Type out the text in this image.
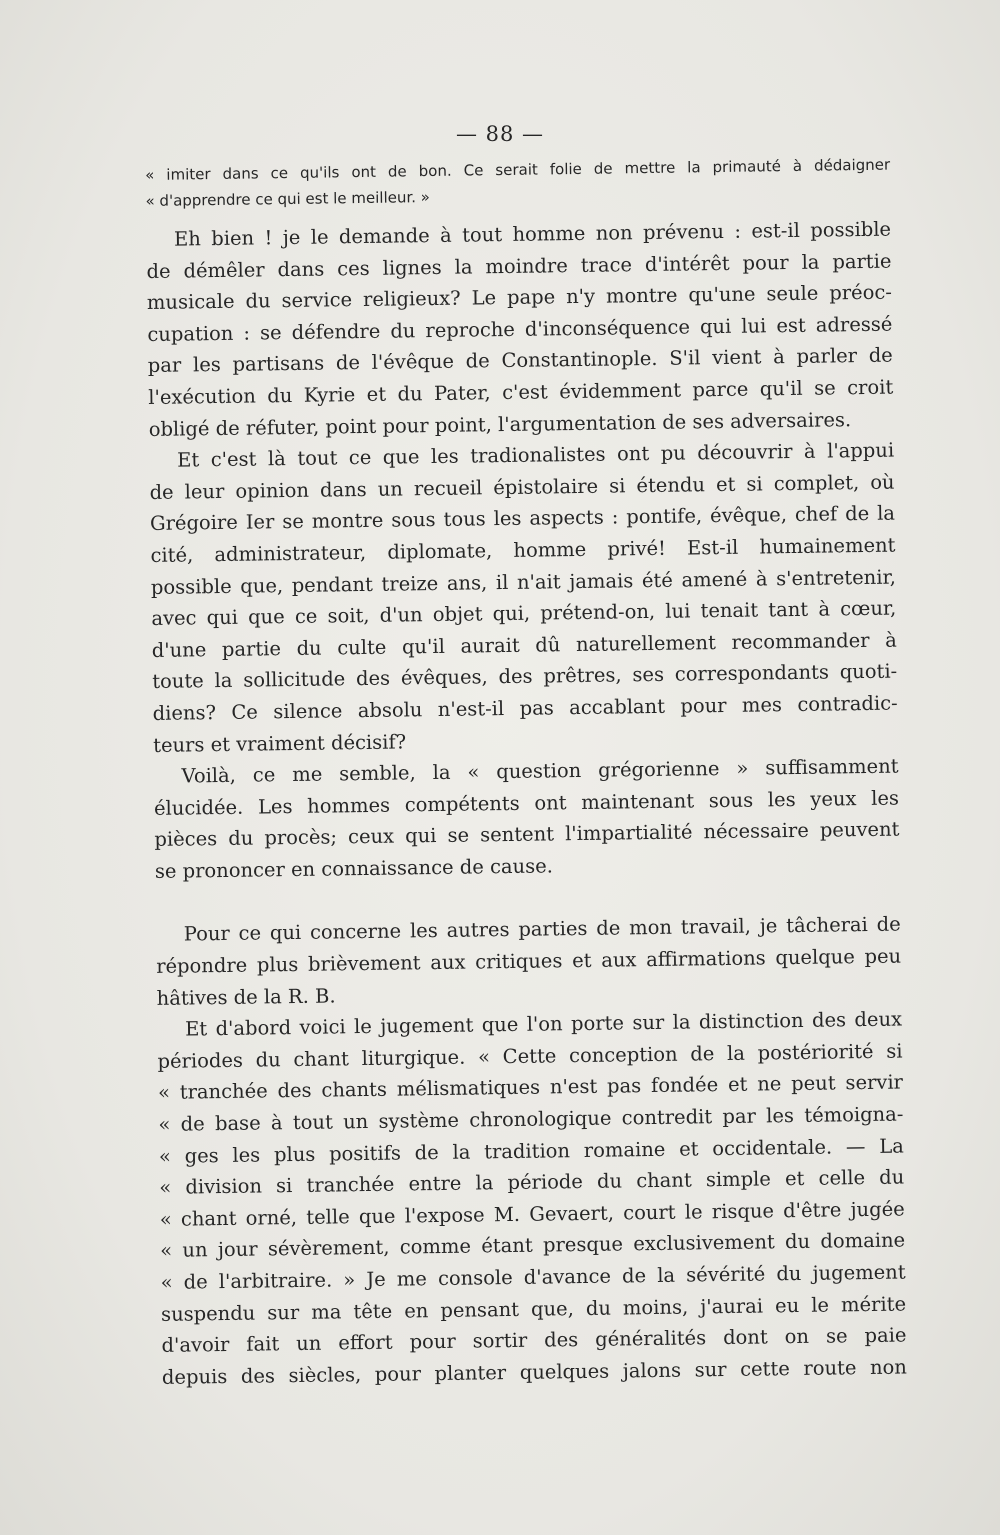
— 88 —
« imiter dans ce qu'ils ont de bon. Ce serait folie de mettre la primauté à dédaigner
« d'apprendre ce qui est le meilleur. »
Eh bien ! je le demande à tout homme non prévenu : est-il possible
de démêler dans ces lignes la moindre trace d'intérêt pour la partie
musicale du service religieux? Le pape n'y montre qu'une seule préoc-
cupation : se défendre du reproche d'inconséquence qui lui est adressé
par les partisans de l'évêque de Constantinople. S'il vient à parler de
l'exécution du Kyrie et du Pater, c'est évidemment parce qu'il se croit
obligé de réfuter, point pour point, l'argumentation de ses adversaires.
Et c'est là tout ce que les tradionalistes ont pu découvrir à l'appui
de leur opinion dans un recueil épistolaire si étendu et si complet, où
Grégoire Ier se montre sous tous les aspects : pontife, évêque, chef de la
cité, administrateur, diplomate, homme privé! Est-il humainement
possible que, pendant treize ans, il n'ait jamais été amené à s'entretenir,
avec qui que ce soit, d'un objet qui, prétend-on, lui tenait tant à cœur,
d'une partie du culte qu'il aurait dû naturellement recommander à
toute la sollicitude des évêques, des prêtres, ses correspondants quoti-
diens? Ce silence absolu n'est-il pas accablant pour mes contradic-
teurs et vraiment décisif?
Voilà, ce me semble, la « question grégorienne » suffisamment
élucidée. Les hommes compétents ont maintenant sous les yeux les
pièces du procès; ceux qui se sentent l'impartialité nécessaire peuvent
se prononcer en connaissance de cause.
Pour ce qui concerne les autres parties de mon travail, je tâcherai de
répondre plus brièvement aux critiques et aux affirmations quelque peu
hâtives de la R. B.
Et d'abord voici le jugement que l'on porte sur la distinction des deux
périodes du chant liturgique. « Cette conception de la postériorité si
« tranchée des chants mélismatiques n'est pas fondée et ne peut servir
« de base à tout un système chronologique contredit par les témoigna-
« ges les plus positifs de la tradition romaine et occidentale. — La
« division si tranchée entre la période du chant simple et celle du
« chant orné, telle que l'expose M. Gevaert, court le risque d'être jugée
« un jour sévèrement, comme étant presque exclusivement du domaine
« de l'arbitraire. » Je me console d'avance de la sévérité du jugement
suspendu sur ma tête en pensant que, du moins, j'aurai eu le mérite
d'avoir fait un effort pour sortir des généralités dont on se paie
depuis des siècles, pour planter quelques jalons sur cette route non
